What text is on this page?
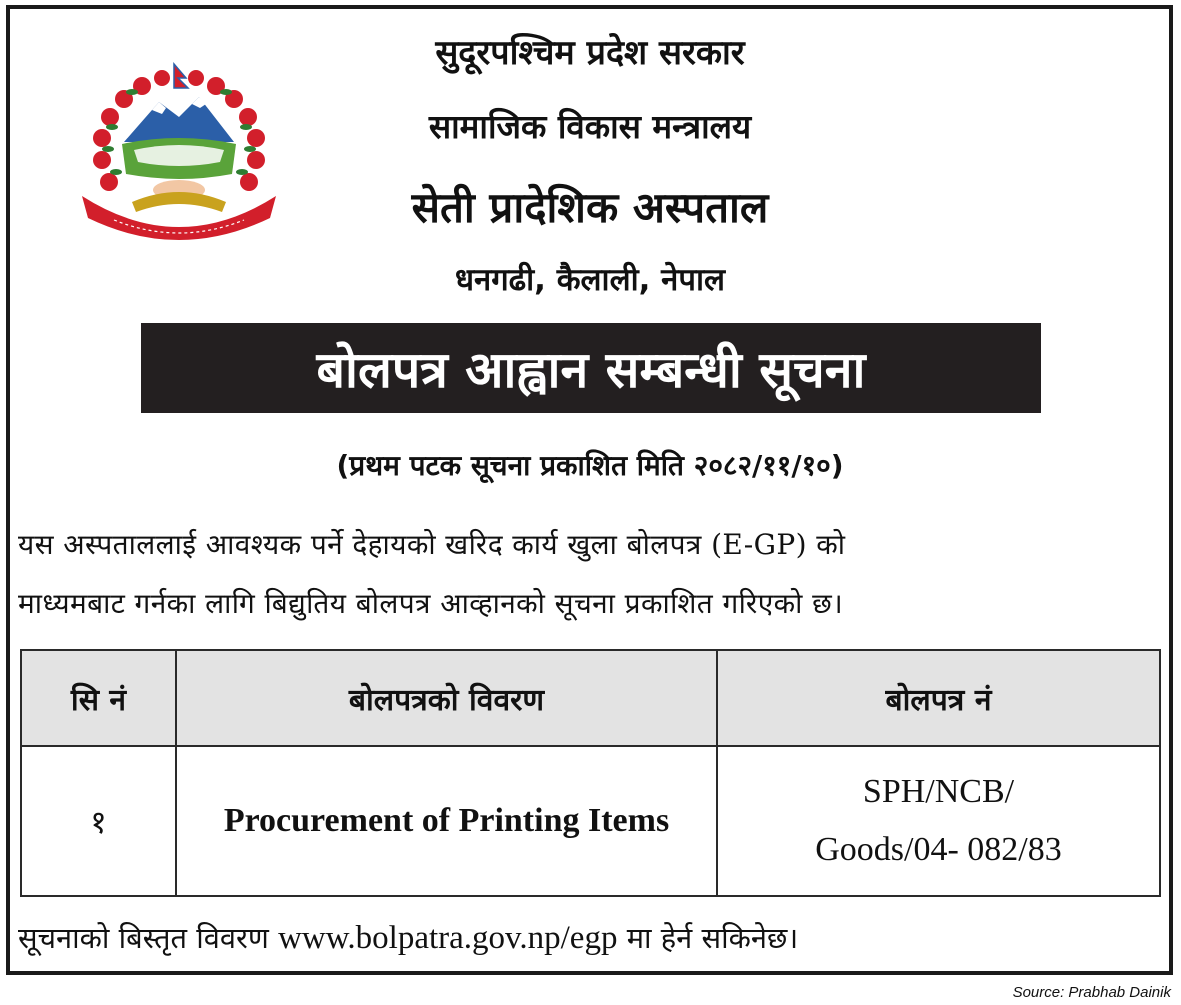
सुदूरपश्चिम प्रदेश सरकार
सामाजिक विकास मन्त्रालय
सेती प्रादेशिक अस्पताल
धनगढी, कैलाली, नेपाल
बोलपत्र आह्वान सम्बन्धी सूचना
(प्रथम पटक सूचना प्रकाशित मिति २०८२/११/१०)
यस अस्पताललाई आवश्यक पर्ने देहायको खरिद कार्य खुला बोलपत्र (E-GP) को
माध्यमबाट गर्नका लागि बिद्युतिय बोलपत्र आव्हानको सूचना प्रकाशित गरिएको छ।
सि नं	बोलपत्रको विवरण	बोलपत्र नं
१	Procurement of Printing Items	SPH/NCB/
Goods/04- 082/83
सूचनाको बिस्तृत विवरण www.bolpatra.gov.np/egp मा हेर्न सकिनेछ।
Source: Prabhab Dainik
